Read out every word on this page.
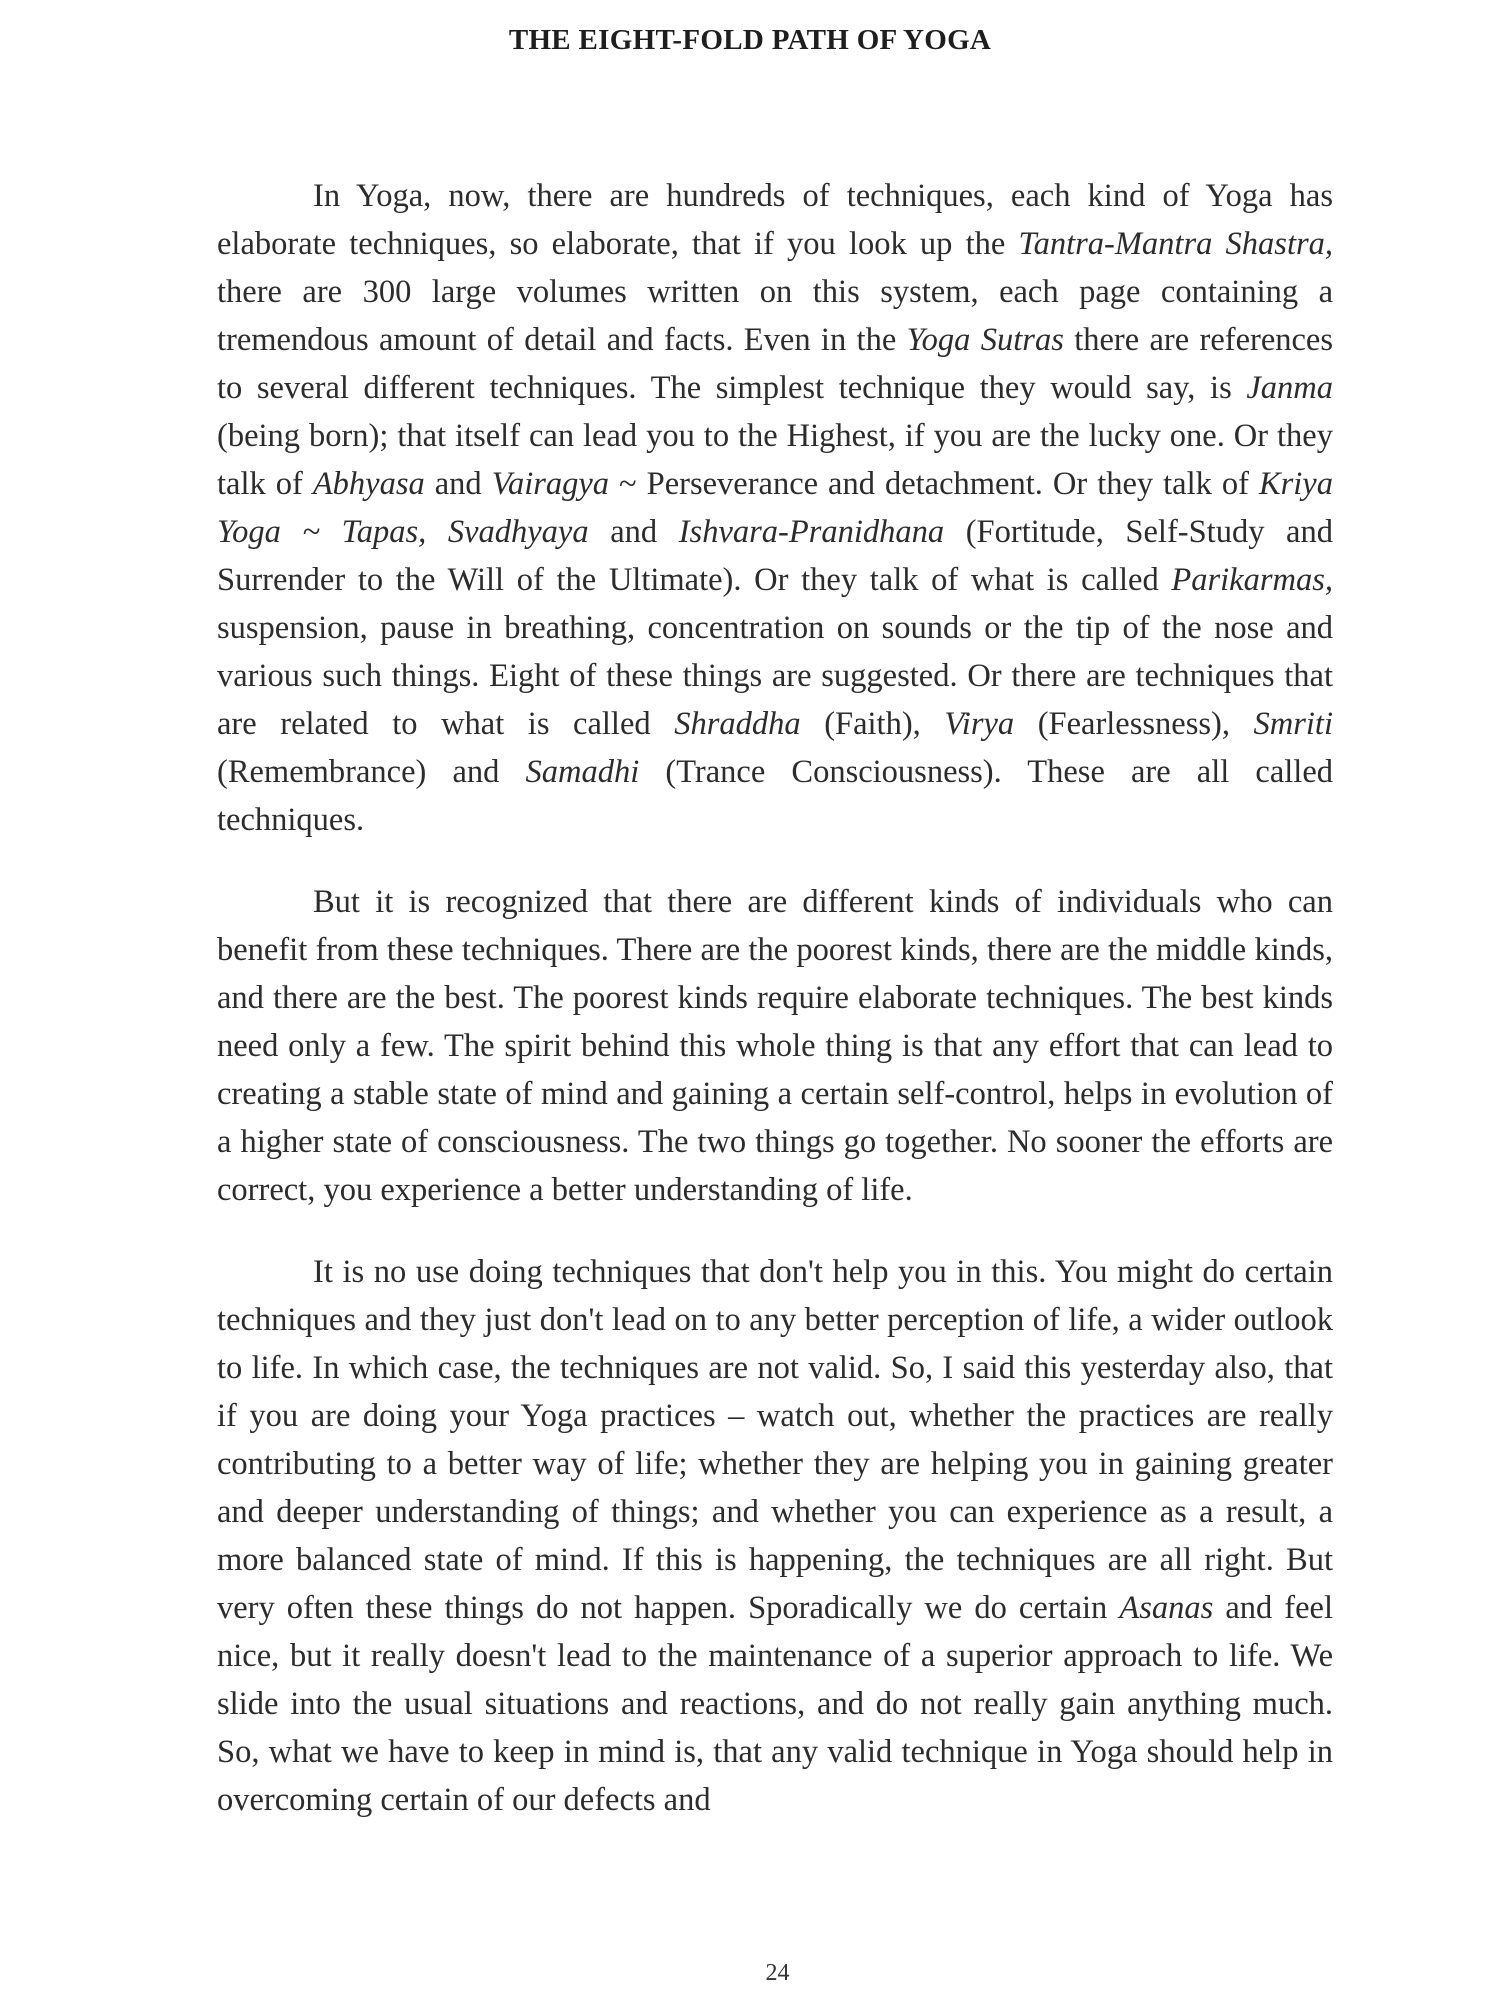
THE EIGHT-FOLD PATH OF YOGA

In Yoga, now, there are hundreds of techniques, each kind of Yoga has elaborate techniques, so elaborate, that if you look up the Tantra-Mantra Shastra, there are 300 large volumes written on this system, each page containing a tremendous amount of detail and facts. Even in the Yoga Sutras there are references to several different techniques. The simplest technique they would say, is Janma (being born); that itself can lead you to the Highest, if you are the lucky one. Or they talk of Abhyasa and Vairagya ~ Perseverance and detachment. Or they talk of Kriya Yoga ~ Tapas, Svadhyaya and Ishvara-Pranidhana (Fortitude, Self-Study and Surrender to the Will of the Ultimate). Or they talk of what is called Parikarmas, suspension, pause in breathing, concentration on sounds or the tip of the nose and various such things. Eight of these things are suggested. Or there are techniques that are related to what is called Shraddha (Faith), Virya (Fearlessness), Smriti (Remembrance) and Samadhi (Trance Consciousness). These are all called techniques.

But it is recognized that there are different kinds of individuals who can benefit from these techniques. There are the poorest kinds, there are the middle kinds, and there are the best. The poorest kinds require elaborate techniques. The best kinds need only a few. The spirit behind this whole thing is that any effort that can lead to creating a stable state of mind and gaining a certain self-control, helps in evolution of a higher state of consciousness. The two things go together. No sooner the efforts are correct, you experience a better understanding of life.

It is no use doing techniques that don't help you in this. You might do certain techniques and they just don't lead on to any better perception of life, a wider outlook to life. In which case, the techniques are not valid. So, I said this yesterday also, that if you are doing your Yoga practices – watch out, whether the practices are really contributing to a better way of life; whether they are helping you in gaining greater and deeper understanding of things; and whether you can experience as a result, a more balanced state of mind. If this is happening, the techniques are all right. But very often these things do not happen. Sporadically we do certain Asanas and feel nice, but it really doesn't lead to the maintenance of a superior approach to life. We slide into the usual situations and reactions, and do not really gain anything much. So, what we have to keep in mind is, that any valid technique in Yoga should help in overcoming certain of our defects and

24
